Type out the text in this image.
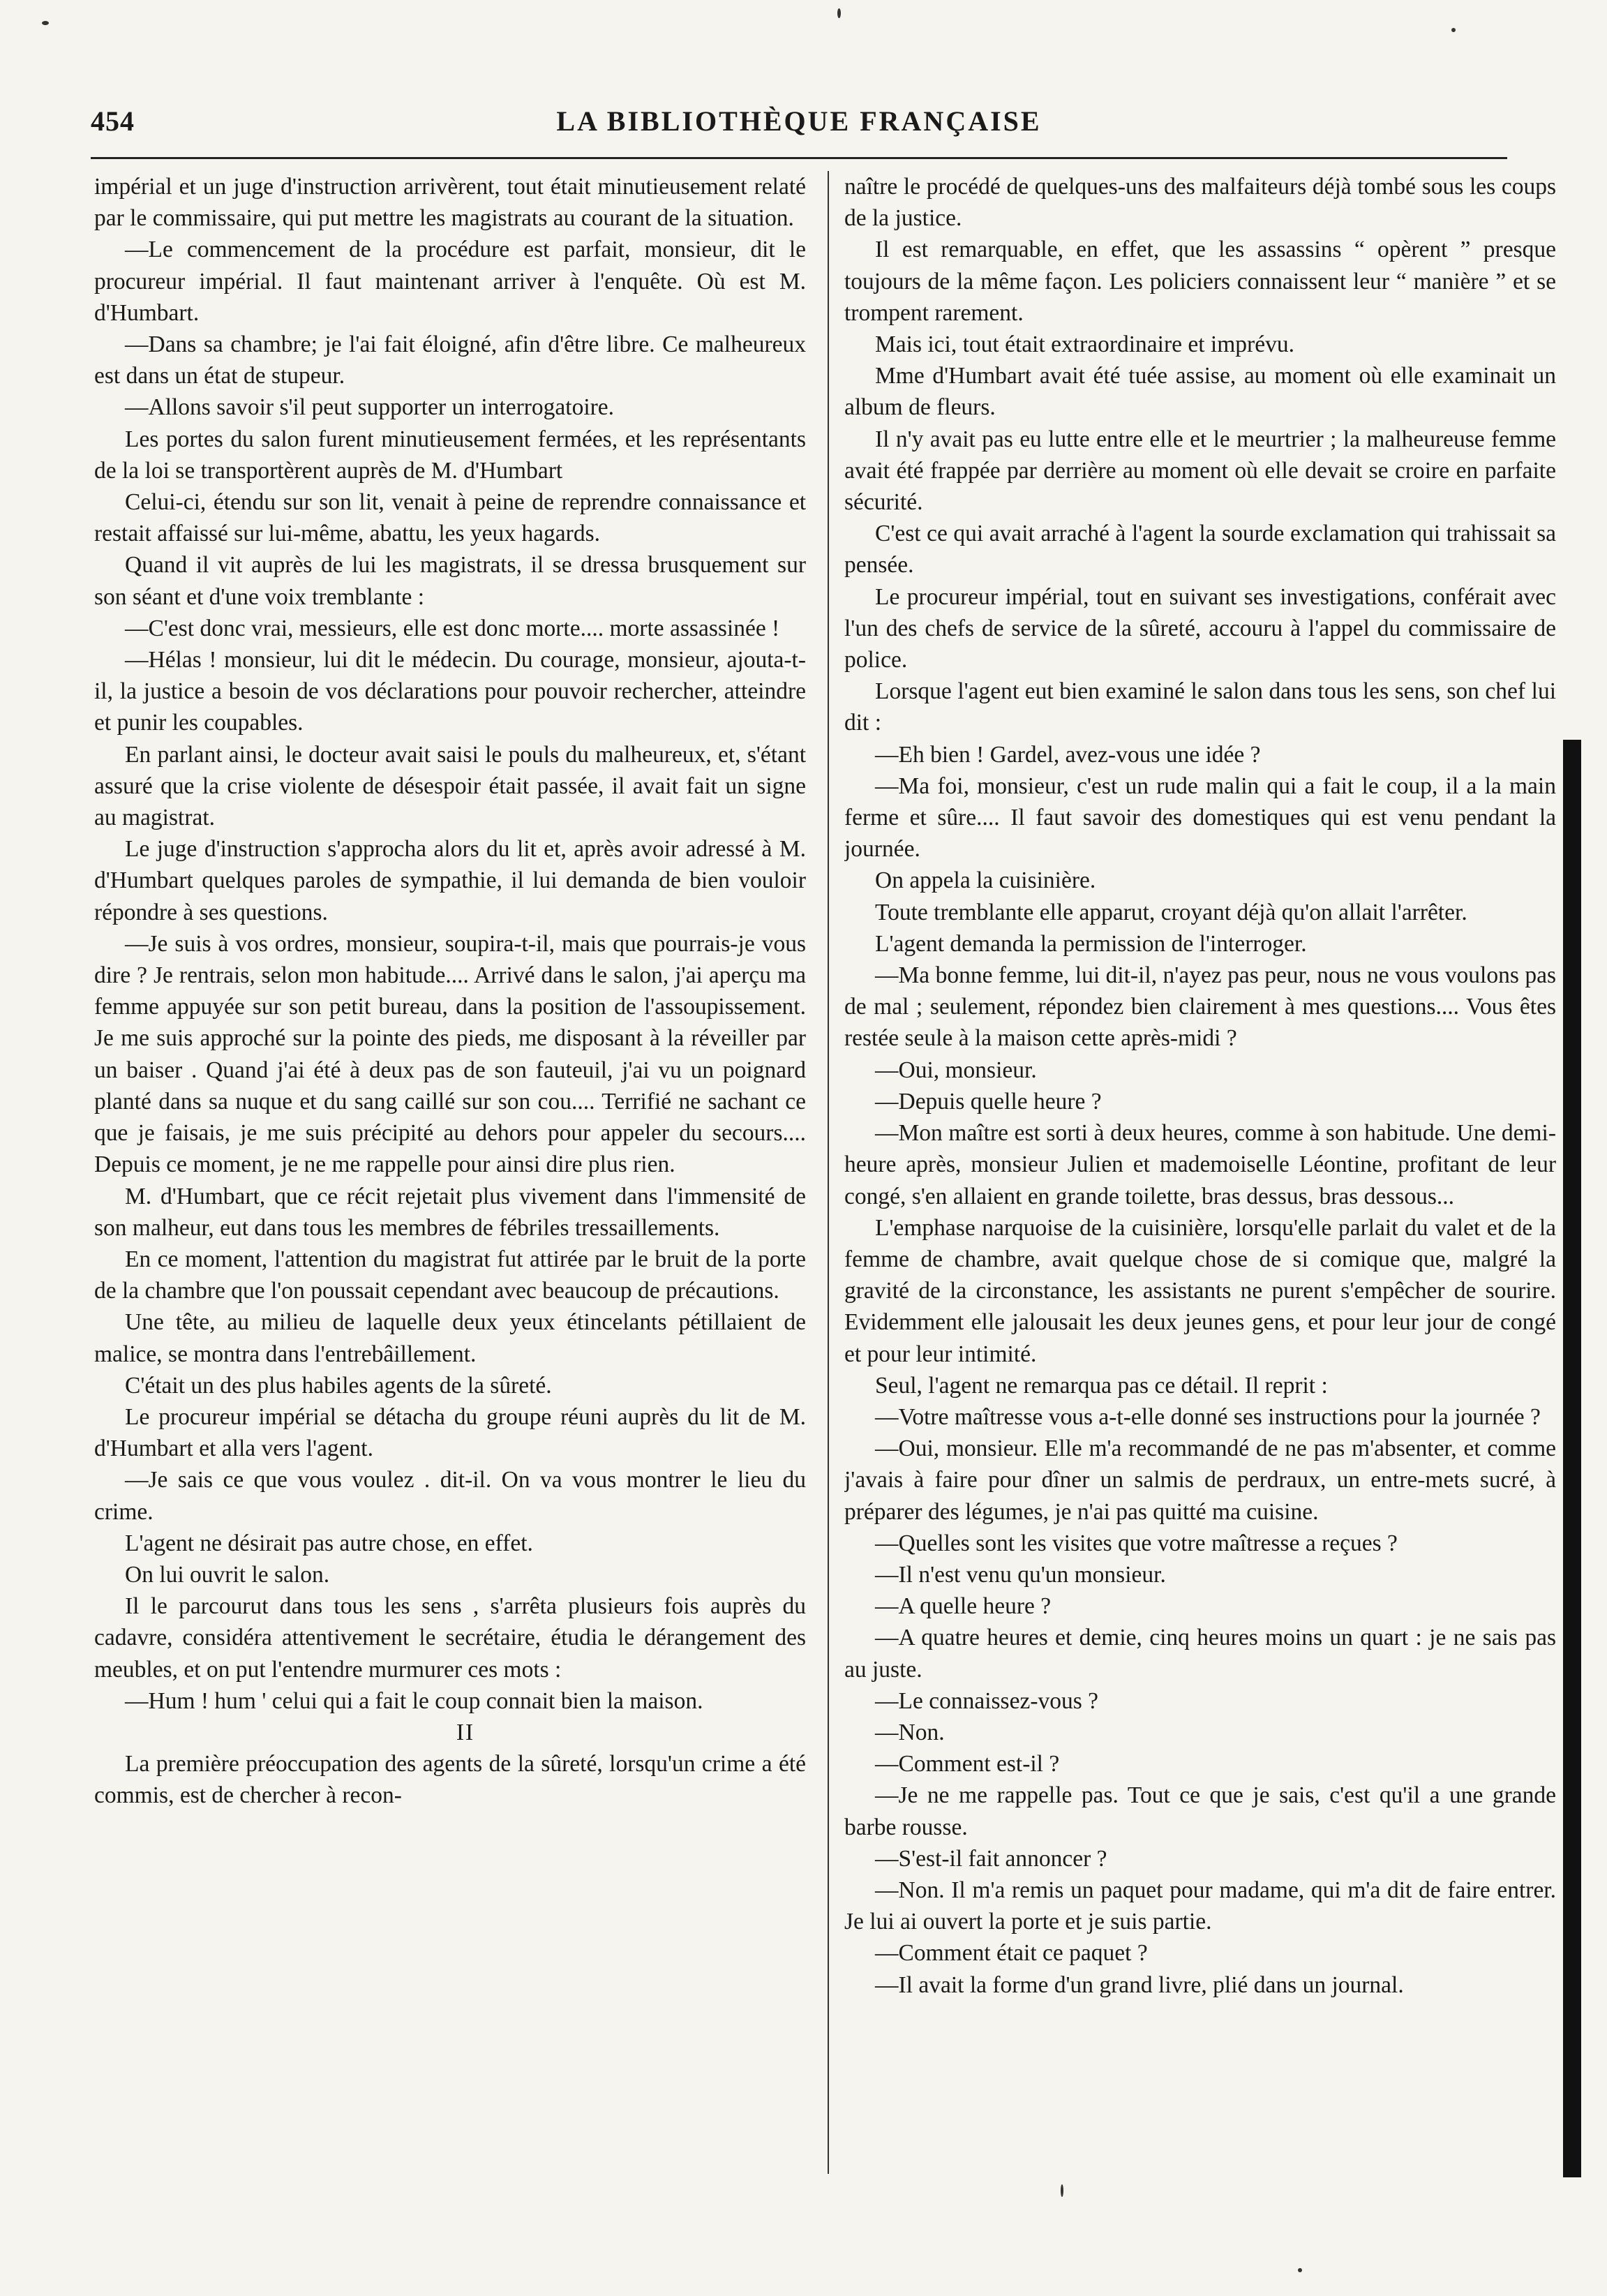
454	LA BIBLIOTHÈQUE FRANÇAISE

impérial et un juge d'instruction arrivèrent, tout était minutieusement relaté par le commissaire, qui put mettre les magistrats au courant de la situation.

—Le commencement de la procédure est parfait, monsieur, dit le procureur impérial. Il faut maintenant arriver à l'enquête. Où est M. d'Humbart.

—Dans sa chambre; je l'ai fait éloigné, afin d'être libre. Ce malheureux est dans un état de stupeur.

—Allons savoir s'il peut supporter un interrogatoire.

Les portes du salon furent minutieusement fermées, et les représentants de la loi se transportèrent auprès de M. d'Humbart

Celui-ci, étendu sur son lit, venait à peine de reprendre connaissance et restait affaissé sur lui-même, abattu, les yeux hagards.

Quand il vit auprès de lui les magistrats, il se dressa brusquement sur son séant et d'une voix tremblante :

—C'est donc vrai, messieurs, elle est donc morte.... morte assassinée !

—Hélas ! monsieur, lui dit le médecin. Du courage, monsieur, ajouta-t-il, la justice a besoin de vos déclarations pour pouvoir rechercher, atteindre et punir les coupables.

En parlant ainsi, le docteur avait saisi le pouls du malheureux, et, s'étant assuré que la crise violente de désespoir était passée, il avait fait un signe au magistrat.

Le juge d'instruction s'approcha alors du lit et, après avoir adressé à M. d'Humbart quelques paroles de sympathie, il lui demanda de bien vouloir répondre à ses questions.

—Je suis à vos ordres, monsieur, soupira-t-il, mais que pourrais-je vous dire ? Je rentrais, selon mon habitude.... Arrivé dans le salon, j'ai aperçu ma femme appuyée sur son petit bureau, dans la position de l'assoupissement. Je me suis approché sur la pointe des pieds, me disposant à la réveiller par un baiser . Quand j'ai été à deux pas de son fauteuil, j'ai vu un poignard planté dans sa nuque et du sang caillé sur son cou.... Terrifié ne sachant ce que je faisais, je me suis précipité au dehors pour appeler du secours.... Depuis ce moment, je ne me rappelle pour ainsi dire plus rien.

M. d'Humbart, que ce récit rejetait plus vivement dans l'immensité de son malheur, eut dans tous les membres de fébriles tressaillements.

En ce moment, l'attention du magistrat fut attirée par le bruit de la porte de la chambre que l'on poussait cependant avec beaucoup de précautions.

Une tête, au milieu de laquelle deux yeux étincelants pétillaient de malice, se montra dans l'entrebâillement.

C'était un des plus habiles agents de la sûreté.

Le procureur impérial se détacha du groupe réuni auprès du lit de M. d'Humbart et alla vers l'agent.

—Je sais ce que vous voulez . dit-il. On va vous montrer le lieu du crime.

L'agent ne désirait pas autre chose, en effet.

On lui ouvrit le salon.

Il le parcourut dans tous les sens , s'arrêta plusieurs fois auprès du cadavre, considéra attentivement le secrétaire, étudia le dérangement des meubles, et on put l'entendre murmurer ces mots :

—Hum ! hum ' celui qui a fait le coup connait bien la maison.

II

La première préoccupation des agents de la sûreté, lorsqu'un crime a été commis, est de chercher à recon-

naître le procédé de quelques-uns des malfaiteurs déjà tombé sous les coups de la justice.

Il est remarquable, en effet, que les assassins “ opèrent ” presque toujours de la même façon. Les policiers connaissent leur “ manière ” et se trompent rarement.

Mais ici, tout était extraordinaire et imprévu.

Mme d'Humbart avait été tuée assise, au moment où elle examinait un album de fleurs.

Il n'y avait pas eu lutte entre elle et le meurtrier ; la malheureuse femme avait été frappée par derrière au moment où elle devait se croire en parfaite sécurité.

C'est ce qui avait arraché à l'agent la sourde exclamation qui trahissait sa pensée.

Le procureur impérial, tout en suivant ses investigations, conférait avec l'un des chefs de service de la sûreté, accouru à l'appel du commissaire de police.

Lorsque l'agent eut bien examiné le salon dans tous les sens, son chef lui dit :

—Eh bien ! Gardel, avez-vous une idée ?

—Ma foi, monsieur, c'est un rude malin qui a fait le coup, il a la main ferme et sûre.... Il faut savoir des domestiques qui est venu pendant la journée.

On appela la cuisinière.

Toute tremblante elle apparut, croyant déjà qu'on allait l'arrêter.

L'agent demanda la permission de l'interroger.

—Ma bonne femme, lui dit-il, n'ayez pas peur, nous ne vous voulons pas de mal ; seulement, répondez bien clairement à mes questions.... Vous êtes restée seule à la maison cette après-midi ?

—Oui, monsieur.

—Depuis quelle heure ?

—Mon maître est sorti à deux heures, comme à son habitude. Une demi-heure après, monsieur Julien et mademoiselle Léontine, profitant de leur congé, s'en allaient en grande toilette, bras dessus, bras dessous...

L'emphase narquoise de la cuisinière, lorsqu'elle parlait du valet et de la femme de chambre, avait quelque chose de si comique que, malgré la gravité de la circonstance, les assistants ne purent s'empêcher de sourire. Evidemment elle jalousait les deux jeunes gens, et pour leur jour de congé et pour leur intimité.

Seul, l'agent ne remarqua pas ce détail. Il reprit :

—Votre maîtresse vous a-t-elle donné ses instructions pour la journée ?

—Oui, monsieur. Elle m'a recommandé de ne pas m'absenter, et comme j'avais à faire pour dîner un salmis de perdraux, un entre-mets sucré, à préparer des légumes, je n'ai pas quitté ma cuisine.

—Quelles sont les visites que votre maîtresse a reçues ?

—Il n'est venu qu'un monsieur.

—A quelle heure ?

—A quatre heures et demie, cinq heures moins un quart : je ne sais pas au juste.

—Le connaissez-vous ?

—Non.

—Comment est-il ?

—Je ne me rappelle pas. Tout ce que je sais, c'est qu'il a une grande barbe rousse.

—S'est-il fait annoncer ?

—Non. Il m'a remis un paquet pour madame, qui m'a dit de faire entrer. Je lui ai ouvert la porte et je suis partie.

—Comment était ce paquet ?

—Il avait la forme d'un grand livre, plié dans un journal.
